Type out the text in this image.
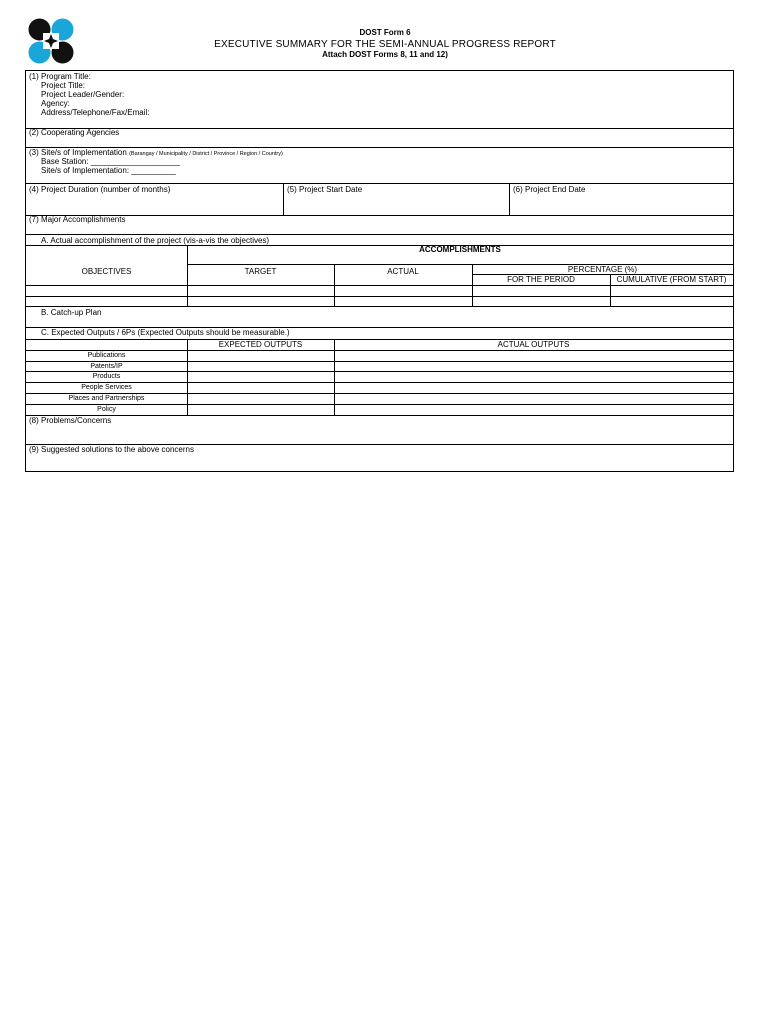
DOST Form 6
EXECUTIVE SUMMARY FOR THE SEMI-ANNUAL PROGRESS REPORT
Attach DOST Forms 8, 11 and 12)
(1) Program Title:
Project Title:
Project Leader/Gender:
Agency:
Address/Telephone/Fax/Email:
(2) Cooperating Agencies
(3) Site/s of Implementation (Barangay / Municipality / District / Province / Region / Country)
Base Station: ____________________
Site/s of Implementation: __________
(4) Project Duration (number of months)	(5) Project Start Date	(6) Project End Date
(7) Major Accomplishments
A. Actual accomplishment of the project (vis-a-vis the objectives)
OBJECTIVES
ACCOMPLISHMENTS
TARGET	ACTUAL	PERCENTAGE (%)
FOR THE PERIOD	CUMULATIVE (FROM START)
B. Catch-up Plan
C. Expected Outputs / 6Ps (Expected Outputs should be measurable.)
EXPECTED OUTPUTS	ACTUAL OUTPUTS
Publications
Patents/IP
Products
People Services
Places and Partnerships
Policy
(8) Problems/Concerns
(9) Suggested solutions to the above concerns
